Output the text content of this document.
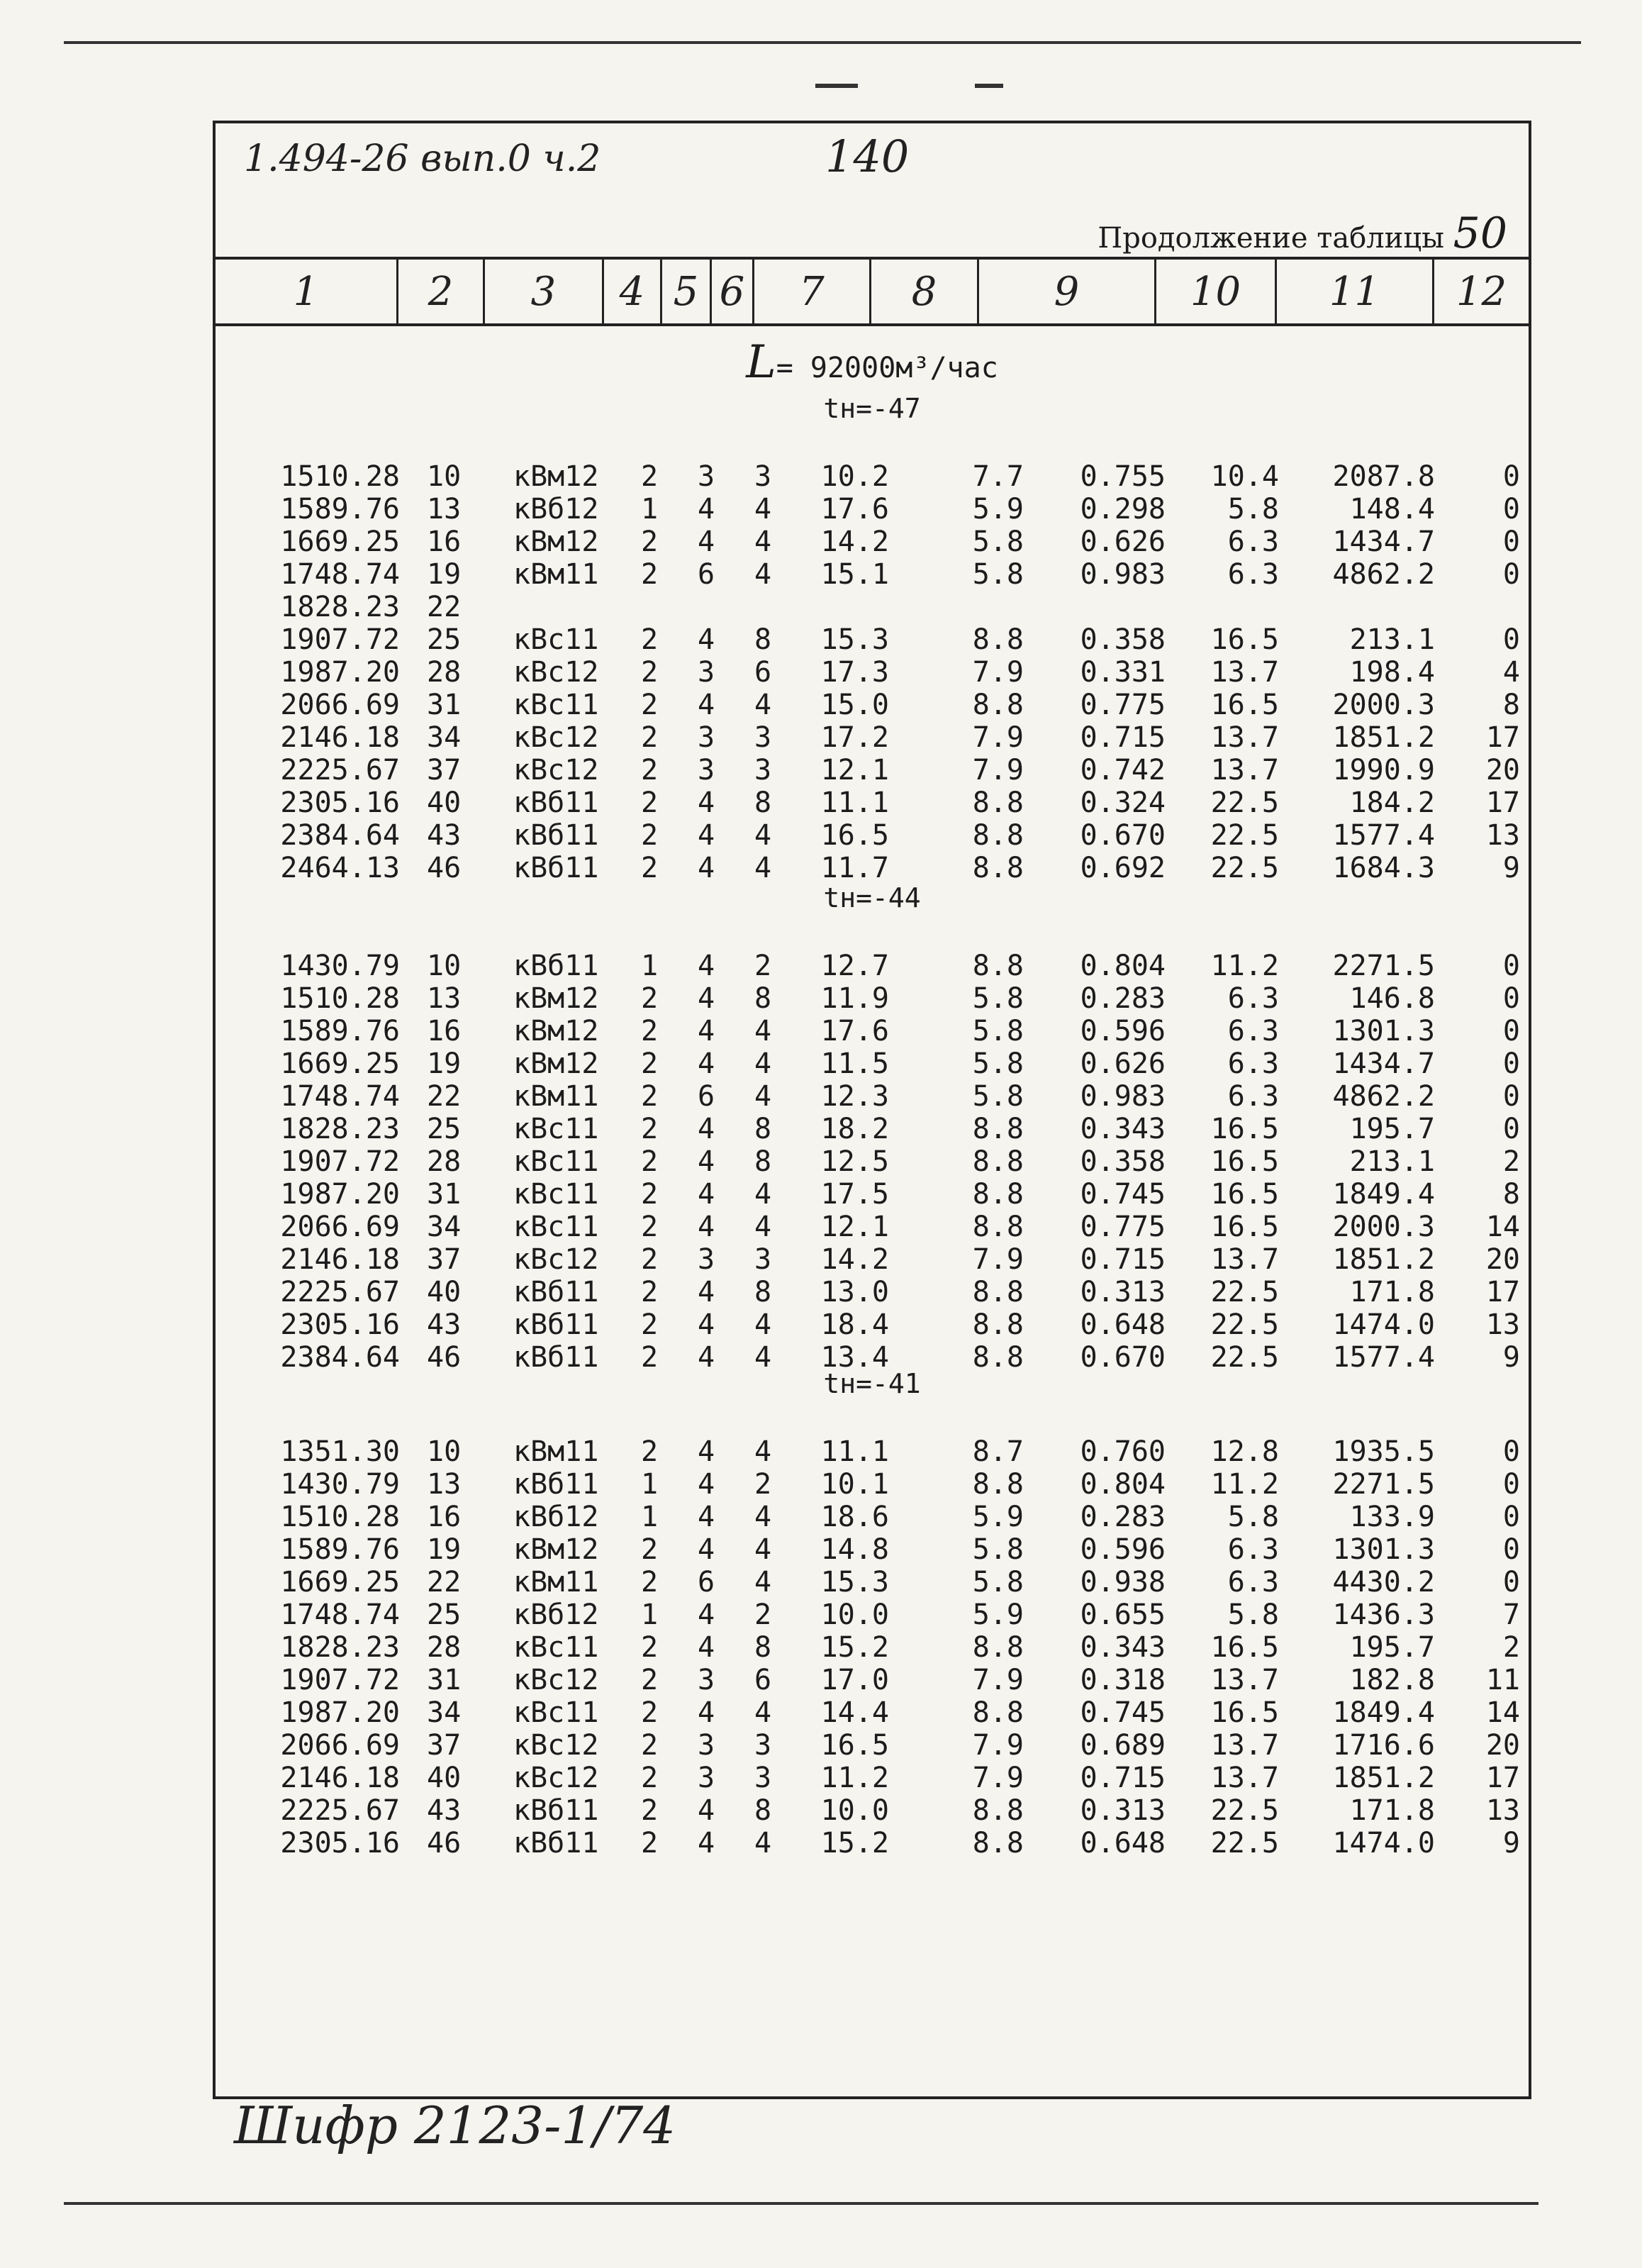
1.494-26 вып.0 ч.2	140
Продолжение таблицы 50
1	2	3	4 5 6	7	8	9	10	11	12
L= 92000м³/час
tн=-47
1510.28 10	кВм12	2 3 3	10.2	7.7	0.755	10.4	2087.8	0
1589.76 13	кВб12	1 4 4	17.6	5.9	0.298	5.8	148.4	0
1669.25 16	кВм12	2 4 4	14.2	5.8	0.626	6.3	1434.7	0
1748.74 19	кВм11	2 6 4	15.1	5.8	0.983	6.3	4862.2	0
1828.23 22
1907.72 25	кВс11	2 4 8	15.3	8.8	0.358	16.5	213.1	0
1987.20 28	кВс12	2 3 6	17.3	7.9	0.331	13.7	198.4	4
2066.69 31	кВс11	2 4 4	15.0	8.8	0.775	16.5	2000.3	8
2146.18 34	кВс12	2 3 3	17.2	7.9	0.715	13.7	1851.2	17
2225.67 37	кВс12	2 3 3	12.1	7.9	0.742	13.7	1990.9	20
2305.16 40	кВб11	2 4 8	11.1	8.8	0.324	22.5	184.2	17
2384.64 43	кВб11	2 4 4	16.5	8.8	0.670	22.5	1577.4	13
2464.13 46	кВб11	2 4 4	11.7	8.8	0.692	22.5	1684.3	9
tн=-44
1430.79 10	кВб11	1 4 2	12.7	8.8	0.804	11.2	2271.5	0
1510.28 13	кВм12	2 4 8	11.9	5.8	0.283	6.3	146.8	0
1589.76 16	кВм12	2 4 4	17.6	5.8	0.596	6.3	1301.3	0
1669.25 19	кВм12	2 4 4	11.5	5.8	0.626	6.3	1434.7	0
1748.74 22	кВм11	2 6 4	12.3	5.8	0.983	6.3	4862.2	0
1828.23 25	кВс11	2 4 8	18.2	8.8	0.343	16.5	195.7	0
1907.72 28	кВс11	2 4 8	12.5	8.8	0.358	16.5	213.1	2
1987.20 31	кВс11	2 4 4	17.5	8.8	0.745	16.5	1849.4	8
2066.69 34	кВс11	2 4 4	12.1	8.8	0.775	16.5	2000.3	14
2146.18 37	кВс12	2 3 3	14.2	7.9	0.715	13.7	1851.2	20
2225.67 40	кВб11	2 4 8	13.0	8.8	0.313	22.5	171.8	17
2305.16 43	кВб11	2 4 4	18.4	8.8	0.648	22.5	1474.0	13
2384.64 46	кВб11	2 4 4	13.4	8.8	0.670	22.5	1577.4	9
tн=-41
1351.30 10	кВм11	2 4 4	11.1	8.7	0.760	12.8	1935.5	0
1430.79 13	кВб11	1 4 2	10.1	8.8	0.804	11.2	2271.5	0
1510.28 16	кВб12	1 4 4	18.6	5.9	0.283	5.8	133.9	0
1589.76 19	кВм12	2 4 4	14.8	5.8	0.596	6.3	1301.3	0
1669.25 22	кВм11	2 6 4	15.3	5.8	0.938	6.3	4430.2	0
1748.74 25	кВб12	1 4 2	10.0	5.9	0.655	5.8	1436.3	7
1828.23 28	кВс11	2 4 8	15.2	8.8	0.343	16.5	195.7	2
1907.72 31	кВс12	2 3 6	17.0	7.9	0.318	13.7	182.8	11
1987.20 34	кВс11	2 4 4	14.4	8.8	0.745	16.5	1849.4	14
2066.69 37	кВс12	2 3 3	16.5	7.9	0.689	13.7	1716.6	20
2146.18 40	кВс12	2 3 3	11.2	7.9	0.715	13.7	1851.2	17
2225.67 43	кВб11	2 4 8	10.0	8.8	0.313	22.5	171.8	13
2305.16 46	кВб11	2 4 4	15.2	8.8	0.648	22.5	1474.0	9
Шифр 2123-1/74
